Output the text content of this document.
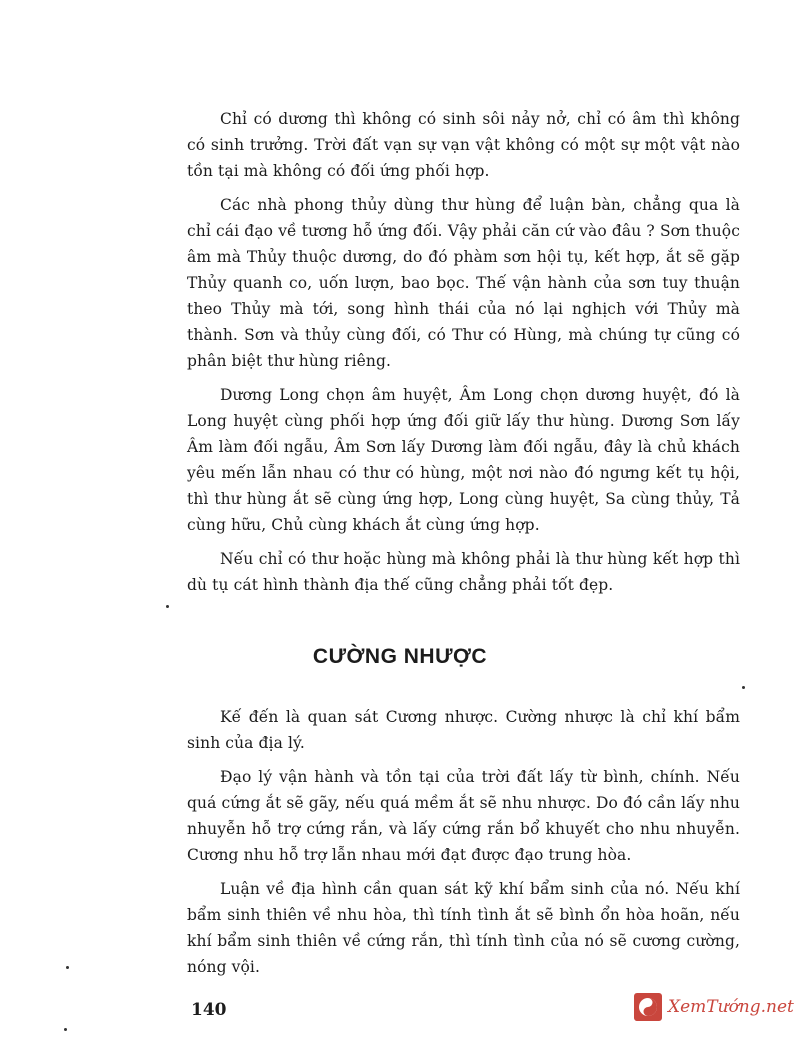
Chỉ có dương thì không có sinh sôi nảy nở, chỉ có âm thì không có sinh trưởng. Trời đất vạn sự vạn vật không có một sự một vật nào tồn tại mà không có đối ứng phối hợp.

Các nhà phong thủy dùng thư hùng để luận bàn, chẳng qua là chỉ cái đạo về tương hỗ ứng đối. Vậy phải căn cứ vào đâu ? Sơn thuộc âm mà Thủy thuộc dương, do đó phàm sơn hội tụ, kết hợp, ắt sẽ gặp Thủy quanh co, uốn lượn, bao bọc. Thế vận hành của sơn tuy thuận theo Thủy mà tới, song hình thái của nó lại nghịch với Thủy mà thành. Sơn và thủy cùng đối, có Thư có Hùng, mà chúng tự cũng có phân biệt thư hùng riêng.

Dương Long chọn âm huyệt, Âm Long chọn dương huyệt, đó là Long huyệt cùng phối hợp ứng đối giữ lấy thư hùng. Dương Sơn lấy Âm làm đối ngẫu, Âm Sơn lấy Dương làm đối ngẫu, đây là chủ khách yêu mến lẫn nhau có thư có hùng, một nơi nào đó ngưng kết tụ hội, thì thư hùng ắt sẽ cùng ứng hợp, Long cùng huyệt, Sa cùng thủy, Tả cùng hữu, Chủ cùng khách ắt cùng ứng hợp.

Nếu chỉ có thư hoặc hùng mà không phải là thư hùng kết hợp thì dù tụ cát hình thành địa thế cũng chẳng phải tốt đẹp.

CƯỜNG NHƯỢC

Kế đến là quan sát Cương nhược. Cường nhược là chỉ khí bẩm sinh của địa lý.

Đạo lý vận hành và tồn tại của trời đất lấy từ bình, chính. Nếu quá cứng ắt sẽ gãy, nếu quá mềm ắt sẽ nhu nhược. Do đó cần lấy nhu nhuyễn hỗ trợ cứng rắn, và lấy cứng rắn bổ khuyết cho nhu nhuyễn. Cương nhu hỗ trợ lẫn nhau mới đạt được đạo trung hòa.

Luận về địa hình cần quan sát kỹ khí bẩm sinh của nó. Nếu khí bẩm sinh thiên về nhu hòa, thì tính tình ắt sẽ bình ổn hòa hoãn, nếu khí bẩm sinh thiên về cứng rắn, thì tính tình của nó sẽ cương cường, nóng vội.

140	XemTướng.net
